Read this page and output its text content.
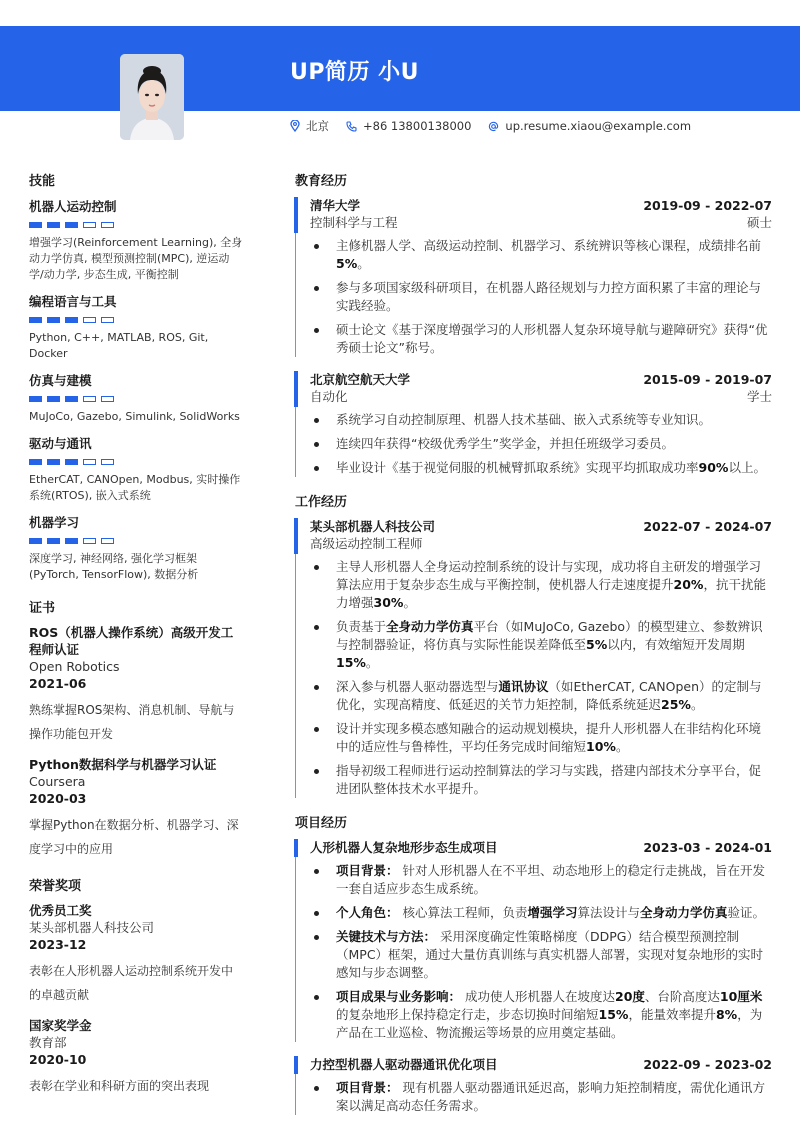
UP简历 小U
北京	+86 13800138000	up.resume.xiaou@example.com
技能
机器人运动控制
增强学习(Reinforcement Learning), 全身动力学仿真, 模型预测控制(MPC), 逆运动学/动力学, 步态生成, 平衡控制
编程语言与工具
Python, C++, MATLAB, ROS, Git, Docker
仿真与建模
MuJoCo, Gazebo, Simulink, SolidWorks
驱动与通讯
EtherCAT, CANOpen, Modbus, 实时操作系统(RTOS), 嵌入式系统
机器学习
深度学习, 神经网络, 强化学习框架(PyTorch, TensorFlow), 数据分析
证书
ROS（机器人操作系统）高级开发工程师认证
Open Robotics
2021-06
熟练掌握ROS架构、消息机制、导航与操作功能包开发
Python数据科学与机器学习认证
Coursera
2020-03
掌握Python在数据分析、机器学习、深度学习中的应用
荣誉奖项
优秀员工奖
某头部机器人科技公司
2023-12
表彰在人形机器人运动控制系统开发中的卓越贡献
国家奖学金
教育部
2020-10
表彰在学业和科研方面的突出表现
教育经历
清华大学	2019-09 - 2022-07
控制科学与工程	硕士
主修机器人学、高级运动控制、机器学习、系统辨识等核心课程，成绩排名前5%。
参与多项国家级科研项目，在机器人路径规划与力控方面积累了丰富的理论与实践经验。
硕士论文《基于深度增强学习的人形机器人复杂环境导航与避障研究》获得“优秀硕士论文”称号。
北京航空航天大学	2015-09 - 2019-07
自动化	学士
系统学习自动控制原理、机器人技术基础、嵌入式系统等专业知识。
连续四年获得“校级优秀学生”奖学金，并担任班级学习委员。
毕业设计《基于视觉伺服的机械臂抓取系统》实现平均抓取成功率90%以上。
工作经历
某头部机器人科技公司	2022-07 - 2024-07
高级运动控制工程师
主导人形机器人全身运动控制系统的设计与实现，成功将自主研发的增强学习算法应用于复杂步态生成与平衡控制，使机器人行走速度提升20%，抗干扰能力增强30%。
负责基于全身动力学仿真平台（如MuJoCo, Gazebo）的模型建立、参数辨识与控制器验证，将仿真与实际性能误差降低至5%以内，有效缩短开发周期15%。
深入参与机器人驱动器选型与通讯协议（如EtherCAT, CANOpen）的定制与优化，实现高精度、低延迟的关节力矩控制，降低系统延迟25%。
设计并实现多模态感知融合的运动规划模块，提升人形机器人在非结构化环境中的适应性与鲁棒性，平均任务完成时间缩短10%。
指导初级工程师进行运动控制算法的学习与实践，搭建内部技术分享平台，促进团队整体技术水平提升。
项目经历
人形机器人复杂地形步态生成项目	2023-03 - 2024-01
项目背景： 针对人形机器人在不平坦、动态地形上的稳定行走挑战，旨在开发一套自适应步态生成系统。
个人角色： 核心算法工程师，负责增强学习算法设计与全身动力学仿真验证。
关键技术与方法： 采用深度确定性策略梯度（DDPG）结合模型预测控制（MPC）框架，通过大量仿真训练与真实机器人部署，实现对复杂地形的实时感知与步态调整。
项目成果与业务影响： 成功使人形机器人在坡度达20度、台阶高度达10厘米的复杂地形上保持稳定行走，步态切换时间缩短15%，能量效率提升8%，为产品在工业巡检、物流搬运等场景的应用奠定基础。
力控型机器人驱动器通讯优化项目	2022-09 - 2023-02
项目背景： 现有机器人驱动器通讯延迟高，影响力矩控制精度，需优化通讯方案以满足高动态任务需求。
